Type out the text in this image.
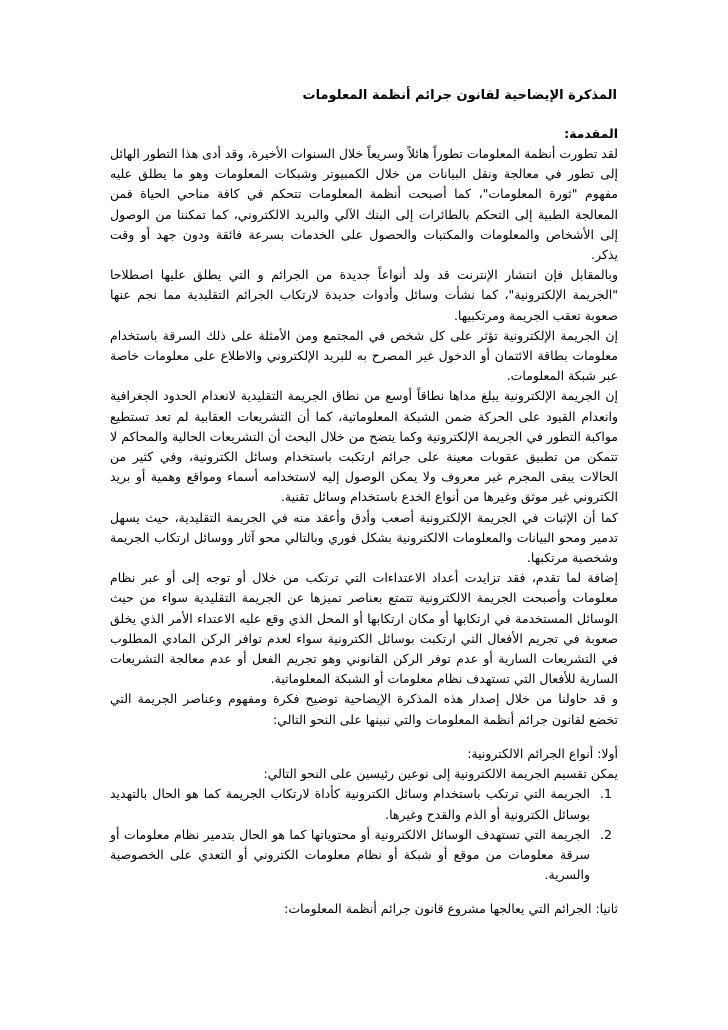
المذكرة الإيضاحية لقانون جرائم أنظمة المعلومات

المقدمة:

لقد تطورت أنظمة المعلومات تطوراً هائلاً وسريعاً خلال السنوات الأخيرة، وقد أدى هذا التطور الهائل إلى تطور في معالجة ونقل البيانات من خلال الكمبيوتر وشبكات المعلومات وهو ما يطلق عليه مفهوم "ثورة المعلومات"، كما أصبحت أنظمة المعلومات تتحكم في كافة مناحي الحياة فمن المعالجة الطبية إلى التحكم بالطائرات إلى البنك الآلي والبريد الالكتروني، كما تمكننا من الوصول إلى الأشخاص والمعلومات والمكتبات والحصول على الخدمات بسرعة فائقة ودون جهد أو وقت يذكر.

وبالمقابل فإن انتشار الإنترنت قد ولد أنواعاً جديدة من الجرائم و التي يطلق عليها اصطلاحا "الجريمة الإلكترونية"، كما نشأت وسائل وأدوات جديدة لارتكاب الجرائم التقليدية مما نجم عنها صعوبة تعقب الجريمة ومرتكبيها.

إن الجريمة الإلكترونية تؤثر على كل شخص في المجتمع ومن الأمثلة على ذلك السرقة باستخدام معلومات بطاقة الائتمان أو الدخول غير المصرح به للبريد الإلكتروني والاطلاع على معلومات خاصة عبر شبكة المعلومات.

إن الجريمة الإلكترونية يبلغ مداها نطاقاً أوسع من نطاق الجريمة التقليدية لانعدام الحدود الجغرافية وانعدام القيود على الحركة ضمن الشبكة المعلوماتية، كما أن التشريعات العقابية لم تعد تستطيع مواكبة التطور في الجريمة الإلكترونية وكما يتضح من خلال البحث أن التشريعات الحالية والمحاكم لا تتمكن من تطبيق عقوبات معينة على جرائم ارتكبت باستخدام وسائل الكترونية، وفي كثير من الحالات يبقى المجرم غير معروف ولا يمكن الوصول إليه لاستخدامه أسماء ومواقع وهمية أو بريد الكتروني غير موثق وغيرها من أنواع الخدع باستخدام وسائل تقنية.

كما أن الإثبات في الجريمة الإلكترونية أصعب وأدق وأعقد منه في الجريمة التقليدية، حيث يسهل تدمير ومحو البيانات والمعلومات الالكترونية بشكل فوري وبالتالي محو آثار ووسائل ارتكاب الجريمة وشخصية مرتكبها.

إضافة لما تقدم، فقد تزايدت أعداد الاعتداءات التي ترتكب من خلال أو توجه إلى أو عبر نظام معلومات وأصبحت الجريمة الالكترونية تتمتع بعناصر تميزها عن الجريمة التقليدية سواء من حيث الوسائل المستخدمة في ارتكابها أو مكان ارتكابها أو المحل الذي وقع عليه الاعتداء الأمر الذي يخلق صعوبة في تجريم الأفعال التي ارتكبت بوسائل الكترونية سواء لعدم توافر الركن المادي المطلوب في التشريعات السارية أو عدم توفر الركن القانوني وهو تجريم الفعل أو عدم معالجة التشريعات السارية للأفعال التي تستهدف نظام معلومات أو الشبكة المعلوماتية.

و قد حاولنا من خلال إصدار هذه المذكرة الإيضاحية توضيح فكرة ومفهوم وعناصر الجريمة التي تخضع لقانون جرائم أنظمة المعلومات والتي نبينها على النحو التالي:

أولا: أنواع الجرائم الالكترونية:

يمكن تقسيم الجريمة الالكترونية إلى نوعين رئيسين على النحو التالي:

1. الجريمة التي ترتكب باستخدام وسائل الكترونية كأداة لارتكاب الجريمة كما هو الحال بالتهديد بوسائل الكترونية أو الذم والقدح وغيرها.
2. الجريمة التي تستهدف الوسائل الالكترونية أو محتوياتها كما هو الحال بتدمير نظام معلومات أو سرقة معلومات من موقع أو شبكة أو نظام معلومات الكتروني أو التعدي على الخصوصية والسرية.

ثانيا: الجرائم التي يعالجها مشروع قانون جرائم أنظمة المعلومات:
